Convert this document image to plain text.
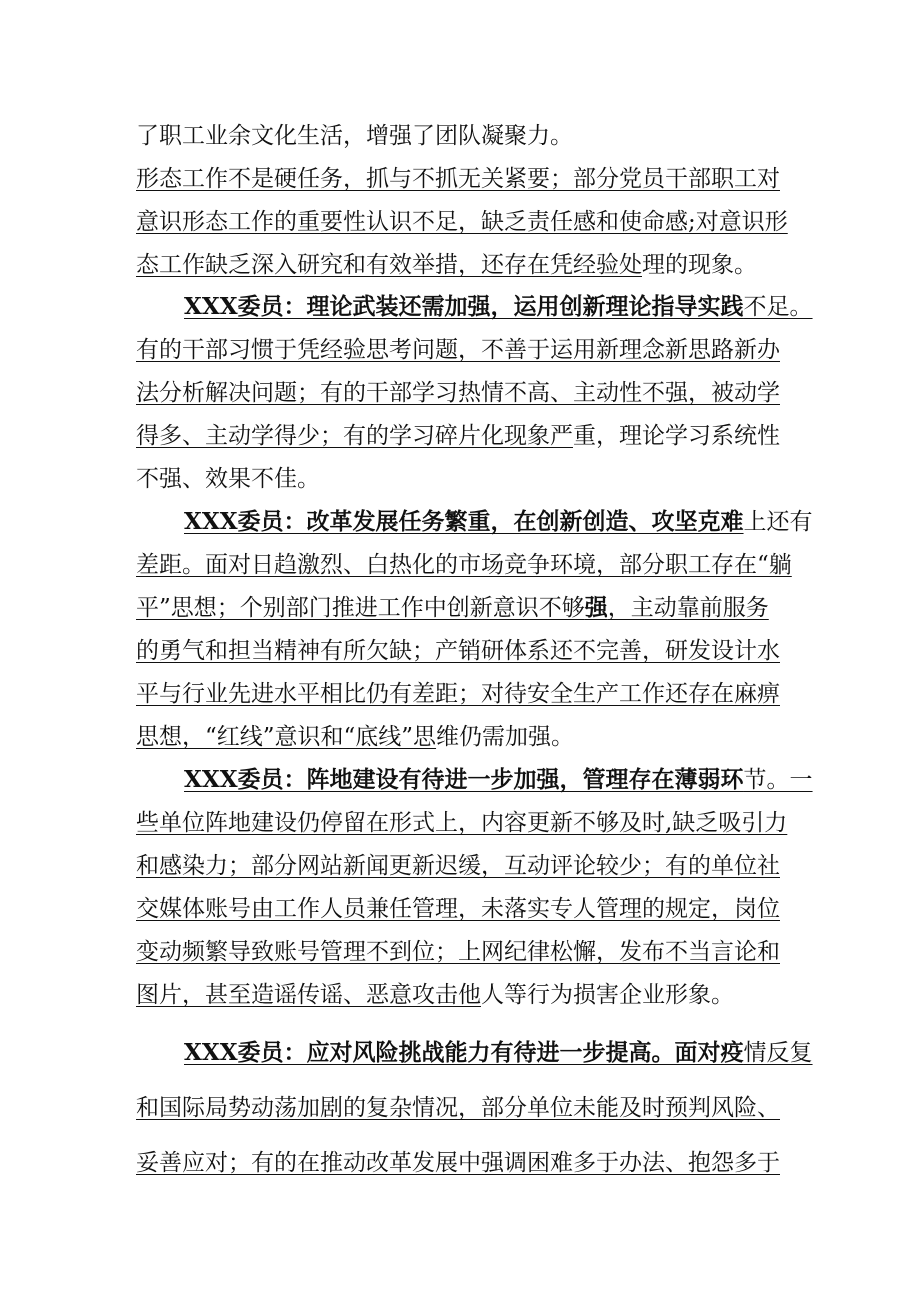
了职工业余文化生活，增强了团队凝聚力。
形态工作不是硬任务，抓与不抓无关紧要；部分党员干部职工对
意识形态工作的重要性认识不足，缺乏责任感和使命感;对意识形
态工作缺乏深入研究和有效举措，还存在凭经验处理的现象。
XXX委员：理论武装还需加强，运用创新理论指导实践不足。
有的干部习惯于凭经验思考问题，不善于运用新理念新思路新办
法分析解决问题；有的干部学习热情不高、主动性不强，被动学
得多、主动学得少；有的学习碎片化现象严重，理论学习系统性
不强、效果不佳。
XXX委员：改革发展任务繁重，在创新创造、攻坚克难上还有
差距。面对日趋激烈、白热化的市场竞争环境，部分职工存在“躺
平”思想；个别部门推进工作中创新意识不够强，主动靠前服务
的勇气和担当精神有所欠缺；产销研体系还不完善，研发设计水
平与行业先进水平相比仍有差距；对待安全生产工作还存在麻痹
思想，“红线”意识和“底线”思维仍需加强。
XXX委员：阵地建设有待进一步加强，管理存在薄弱环节。一
些单位阵地建设仍停留在形式上，内容更新不够及时,缺乏吸引力
和感染力；部分网站新闻更新迟缓，互动评论较少；有的单位社
交媒体账号由工作人员兼任管理，未落实专人管理的规定，岗位
变动频繁导致账号管理不到位；上网纪律松懈，发布不当言论和
图片，甚至造谣传谣、恶意攻击他人等行为损害企业形象。
XXX委员：应对风险挑战能力有待进一步提高。面对疫情反复
和国际局势动荡加剧的复杂情况，部分单位未能及时预判风险、
妥善应对；有的在推动改革发展中强调困难多于办法、抱怨多于
